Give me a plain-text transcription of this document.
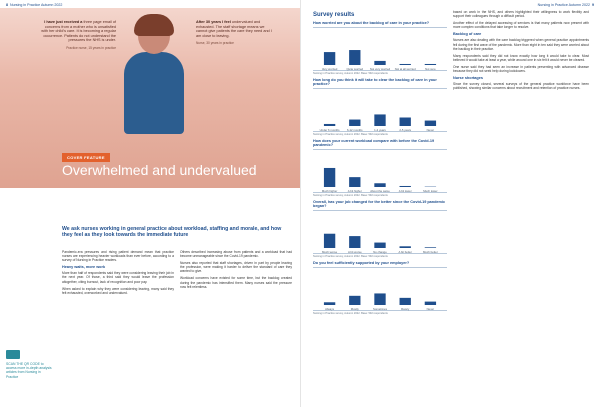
8 Nursing in Practice Autumn 2022
I have just received a three page email of concerns from a mother who is unsatisfied with her child's care. It is becoming a regular occurrence. Patients do not understand the pressures the NHS is under.
Practice nurse, 15 years in practice
After 30 years I feel undervalued and exhausted. The staff shortage means we cannot give patients the care they need and I am close to leaving.
Nurse, 30 years in practice
COVER FEATURE
Overwhelmed and undervalued
We ask nurses working in general practice about workload, staffing and morale, and how they feel as they look towards the immediate future
SCAN THE QR CODE to access more in-depth analysis articles from Nursing in Practice

Pandemic-era pressures and rising patient demand mean that practice nurses are experiencing heavier workloads than ever before, according to a survey of Nursing in Practice readers.

Heavy waits, more work

More than half of respondents said they were considering leaving their job in the next year. Of those, a third said they would leave the profession altogether, citing burnout, lack of recognition and poor pay.

When asked to explain why they were considering leaving, many said they felt exhausted, overworked and undervalued.

Others described increasing abuse from patients and a workload that had become unmanageable since the Covid-19 pandemic.

Nurses also reported that staff shortages, driven in part by people leaving the profession, were making it harder to deliver the standard of care they wanted to give.

Workload concerns have existed for some time, but the backlog created during the pandemic has intensified them. Many nurses said the pressure now felt relentless.

Nursing in Practice Autumn 2022 9
Survey results
How worried are you about the backlog of care in your practice?
Very worried	Quite worried Not very worried Not at all worried	Not sure
Nursing in Practice survey, Autumn 2022. Base: 592 respondents
How long do you think it will take to clear the backlog of care in your practice?
Under 6 months	6-12 months	1-2 years	2-5 years	Never
Nursing in Practice survey, Autumn 2022. Base: 592 respondents
How does your current workload compare with before the Covid-19 pandemic?
Much higher	A bit higher	About the same	A bit lower	Much lower
Nursing in Practice survey, Autumn 2022. Base: 592 respondents
Overall, has your job changed for the better since the Covid-19 pandemic began?
Much worse	A bit worse	No change	A bit better	Much better
Nursing in Practice survey, Autumn 2022. Base: 592 respondents
Do you feel sufficiently supported by your employer?
Always	Mostly	Sometimes	Rarely	Never
Nursing in Practice survey, Autumn 2022. Base: 592 respondents

based on work in the NHS, and others highlighted their willingness to work flexibly and support their colleagues through a difficult period.

Another effect of the delayed accessing of services is that many patients now present with more complex conditions that take longer to resolve.

Backlog of care

Nurses are also dealing with the care backlog triggered when general practice appointments fell during the first wave of the pandemic. More than eight in ten said they were worried about the backlog in their practice.

Many respondents said they did not know exactly how long it would take to clear. Most believed it would take at least a year, while around one in six felt it would never be cleared.

One nurse said they had seen an increase in patients presenting with advanced disease because they did not seek help during lockdowns.

Nurse shortages

Since the survey closed, several surveys of the general practice workforce have been published, showing similar concerns about recruitment and retention of practice nurses.
